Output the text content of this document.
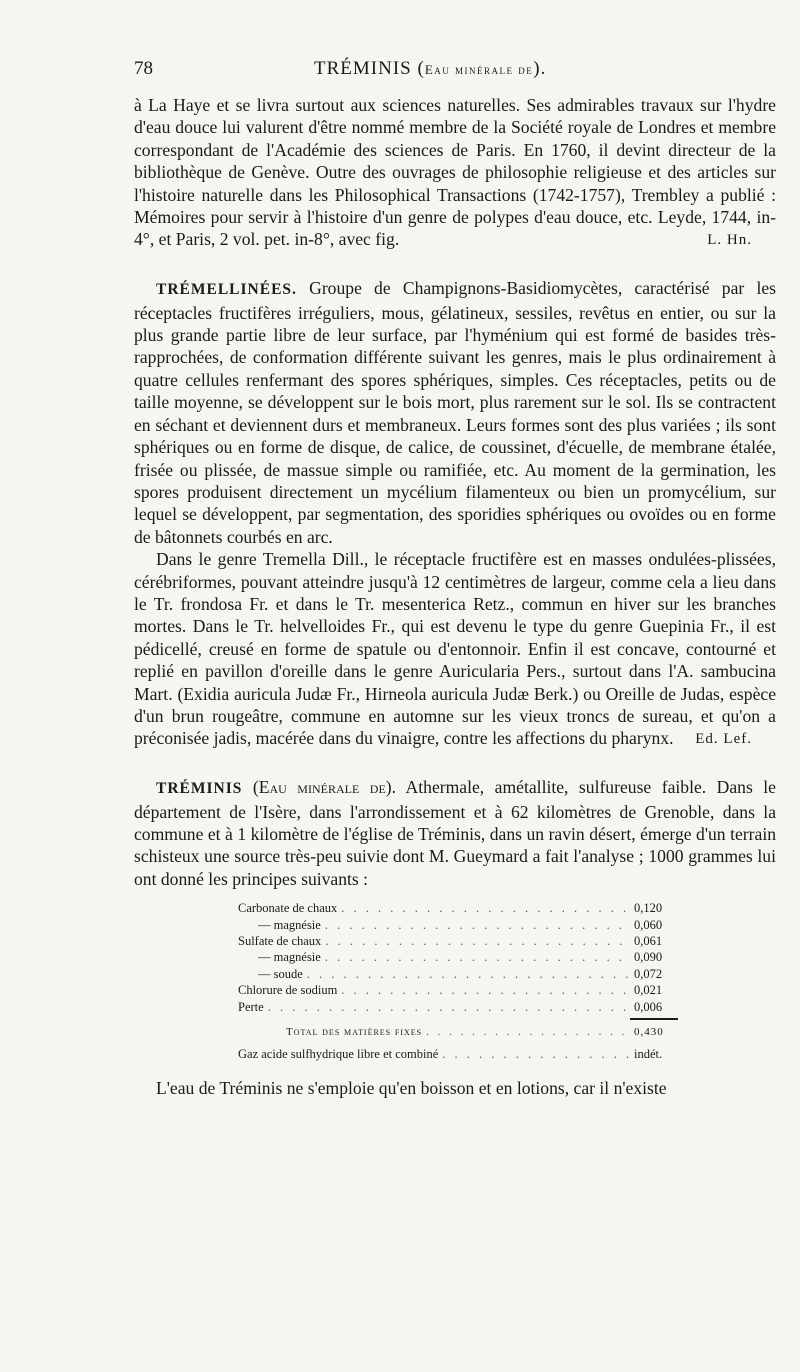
78	TRÉMINIS (Eau minérale de).

à La Haye et se livra surtout aux sciences naturelles. Ses admirables travaux sur l'hydre d'eau douce lui valurent d'être nommé membre de la Société royale de Londres et membre correspondant de l'Académie des sciences de Paris. En 1760, il devint directeur de la bibliothèque de Genève. Outre des ouvrages de philosophie religieuse et des articles sur l'histoire naturelle dans les Philosophical Transactions (1742-1757), Trembley a publié : Mémoires pour servir à l'histoire d'un genre de polypes d'eau douce, etc. Leyde, 1744, in-4°, et Paris, 2 vol. pet. in-8°, avec fig.	L. Hn.

TRÉMELLINÉES. Groupe de Champignons-Basidiomycètes, caractérisé par les réceptacles fructifères irréguliers, mous, gélatineux, sessiles, revêtus en entier, ou sur la plus grande partie libre de leur surface, par l'hyménium qui est formé de basides très-rapprochées, de conformation différente suivant les genres, mais le plus ordinairement à quatre cellules renfermant des spores sphériques, simples. Ces réceptacles, petits ou de taille moyenne, se développent sur le bois mort, plus rarement sur le sol. Ils se contractent en séchant et deviennent durs et membraneux. Leurs formes sont des plus variées ; ils sont sphériques ou en forme de disque, de calice, de coussinet, d'écuelle, de membrane étalée, frisée ou plissée, de massue simple ou ramifiée, etc. Au moment de la germination, les spores produisent directement un mycélium filamenteux ou bien un promycélium, sur lequel se développent, par segmentation, des sporidies sphériques ou ovoïdes ou en forme de bâtonnets courbés en arc.

Dans le genre Tremella Dill., le réceptacle fructifère est en masses ondulées-plissées, cérébriformes, pouvant atteindre jusqu'à 12 centimètres de largeur, comme cela a lieu dans le Tr. frondosa Fr. et dans le Tr. mesenterica Retz., commun en hiver sur les branches mortes. Dans le Tr. helvelloides Fr., qui est devenu le type du genre Guepinia Fr., il est pédicellé, creusé en forme de spatule ou d'entonnoir. Enfin il est concave, contourné et replié en pavillon d'oreille dans le genre Auricularia Pers., surtout dans l'A. sambucina Mart. (Exidia auricula Judæ Fr., Hirneola auricula Judæ Berk.) ou Oreille de Judas, espèce d'un brun rougeâtre, commune en automne sur les vieux troncs de sureau, et qu'on a préconisée jadis, macérée dans du vinaigre, contre les affections du pharynx.	Ed. Lef.

TRÉMINIS (Eau minérale de). Athermale, amétallite, sulfureuse faible. Dans le département de l'Isère, dans l'arrondissement et à 62 kilomètres de Grenoble, dans la commune et à 1 kilomètre de l'église de Tréminis, dans un ravin désert, émerge d'un terrain schisteux une source très-peu suivie dont M. Gueymard a fait l'analyse ; 1000 grammes lui ont donné les principes suivants :

Carbonate de chaux . . .	0,120
— magnésie . . .	0,060
Sulfate de chaux . . .	0,061
— magnésie . . .	0,090
— soude . . .	0,072
Chlorure de sodium . . .	0,021
Perte . . .	0,006
Total des matières fixes . . .	0,430
Gaz acide sulfhydrique libre et combiné . . .	indét.

L'eau de Tréminis ne s'emploie qu'en boisson et en lotions, car il n'existe
